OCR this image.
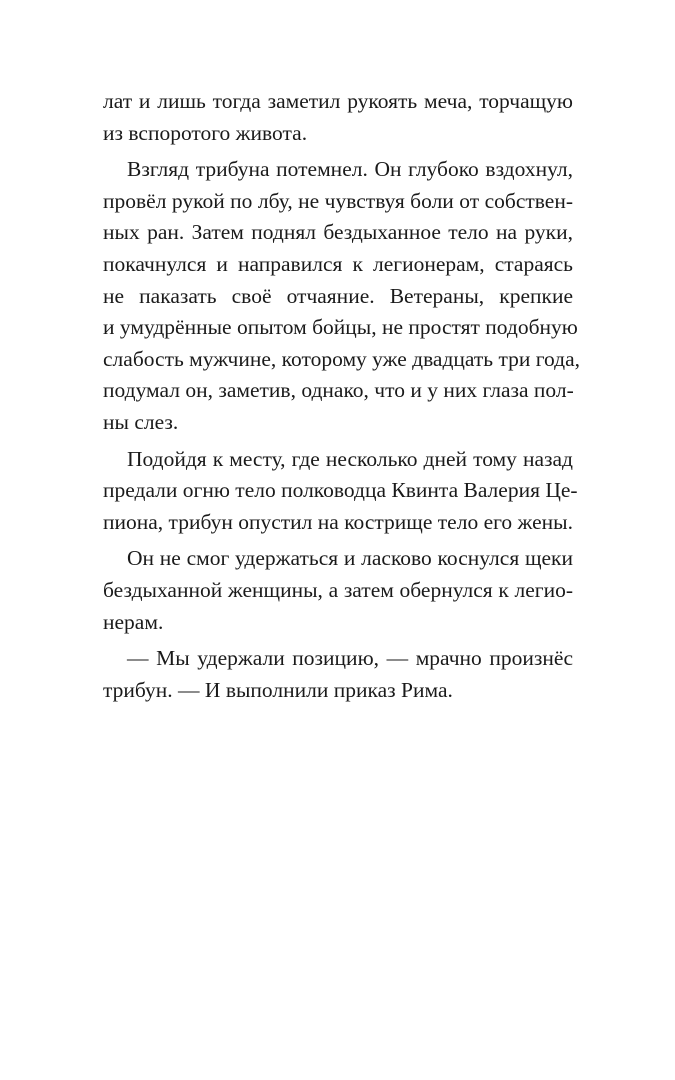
лат и лишь тогда заметил рукоять меча, торчащую
из вспоротого живота.
Взгляд трибуна потемнел. Он глубоко вздохнул,
провёл рукой по лбу, не чувствуя боли от собствен-
ных ран. Затем поднял бездыханное тело на руки,
покачнулся и направился к легионерам, стараясь
не паказать своё отчаяние. Ветераны, крепкие
и умудрённые опытом бойцы, не простят подобную
слабость мужчине, которому уже двадцать три года,
подумал он, заметив, однако, что и у них глаза пол-
ны слез.
Подойдя к месту, где несколько дней тому назад
предали огню тело полководца Квинта Валерия Це-
пиона, трибун опустил на кострище тело его жены.
Он не смог удержаться и ласково коснулся щеки
бездыханной женщины, а затем обернулся к легио-
нерам.
— Мы удержали позицию, — мрачно произнёс
трибун. — И выполнили приказ Рима.
